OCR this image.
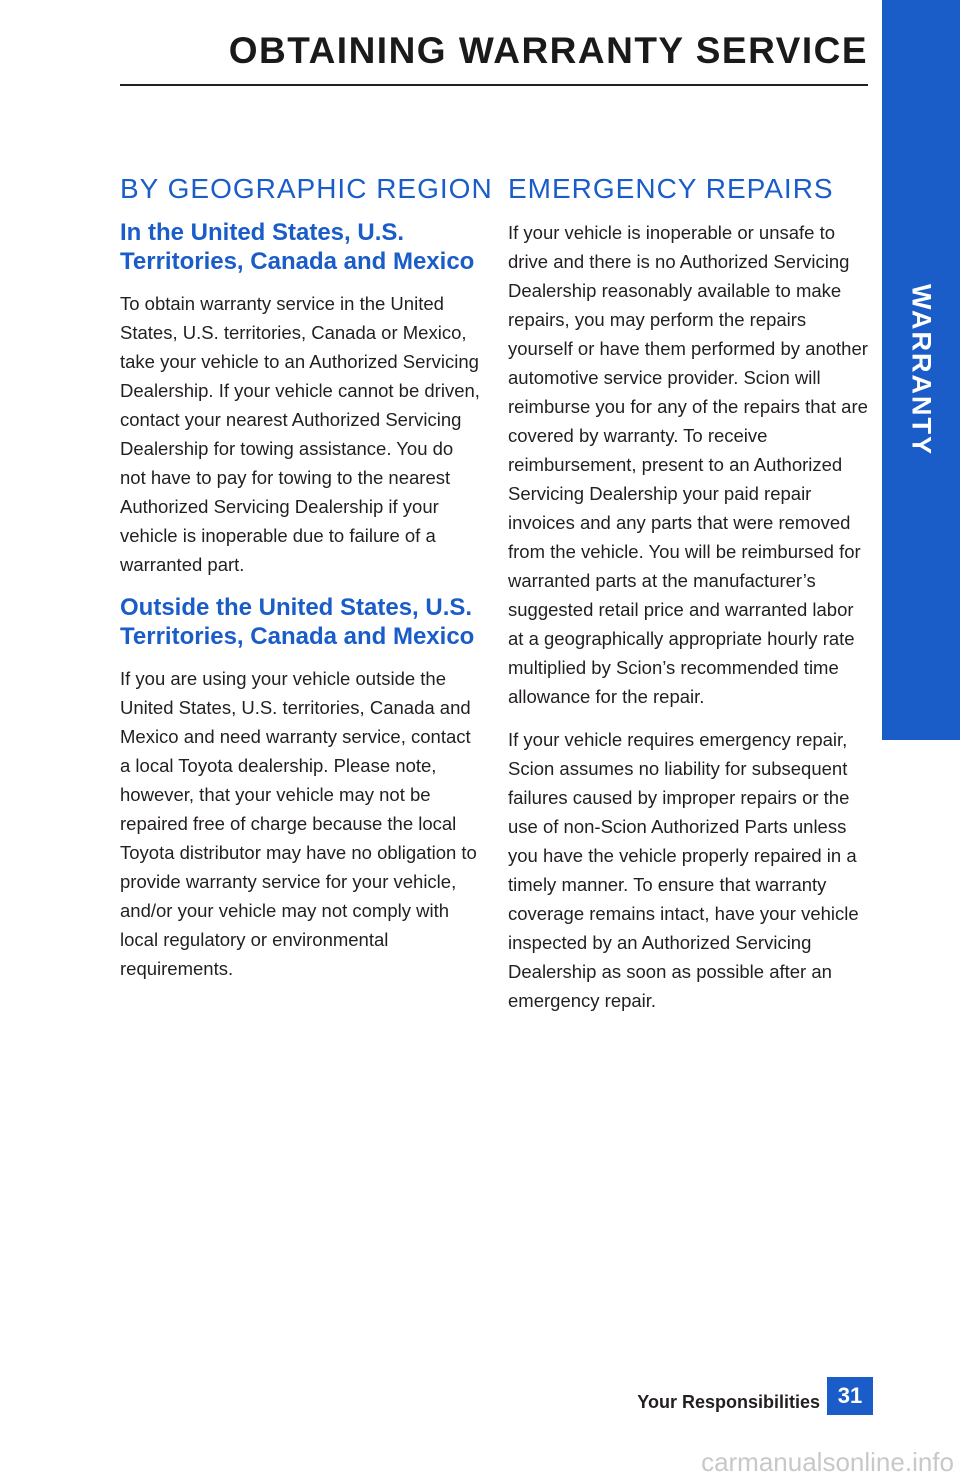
OBTAINING WARRANTY SERVICE
WARRANTY
BY GEOGRAPHIC REGION
In the United States, U.S. Territories, Canada and Mexico

To obtain warranty service in the United States, U.S. territories, Canada or Mexico, take your vehicle to an Authorized Servicing Dealership. If your vehicle cannot be driven, contact your nearest Authorized Servicing Dealership for towing assistance. You do not have to pay for towing to the nearest Authorized Servicing Dealership if your vehicle is inoperable due to failure of a warranted part.

Outside the United States, U.S. Territories, Canada and Mexico

If you are using your vehicle outside the United States, U.S. territories, Canada and Mexico and need warranty service, contact a local Toyota dealership. Please note, however, that your vehicle may not be repaired free of charge because the local Toyota distributor may have no obligation to provide warranty service for your vehicle, and/or your vehicle may not comply with local regulatory or environmental requirements.

EMERGENCY REPAIRS

If your vehicle is inoperable or unsafe to drive and there is no Authorized Servicing Dealership reasonably available to make repairs, you may perform the repairs yourself or have them performed by another automotive service provider. Scion will reimburse you for any of the repairs that are covered by warranty. To receive reimbursement, present to an Authorized Servicing Dealership your paid repair invoices and any parts that were removed from the vehicle. You will be reimbursed for warranted parts at the manufacturer’s suggested retail price and warranted labor at a geographically appropriate hourly rate multiplied by Scion’s recommended time allowance for the repair.

If your vehicle requires emergency repair, Scion assumes no liability for subsequent failures caused by improper repairs or the use of non-Scion Authorized Parts unless you have the vehicle properly repaired in a timely manner. To ensure that warranty coverage remains intact, have your vehicle inspected by an Authorized Servicing Dealership as soon as possible after an emergency repair.

Your Responsibilities 31
carmanualsonline.info
